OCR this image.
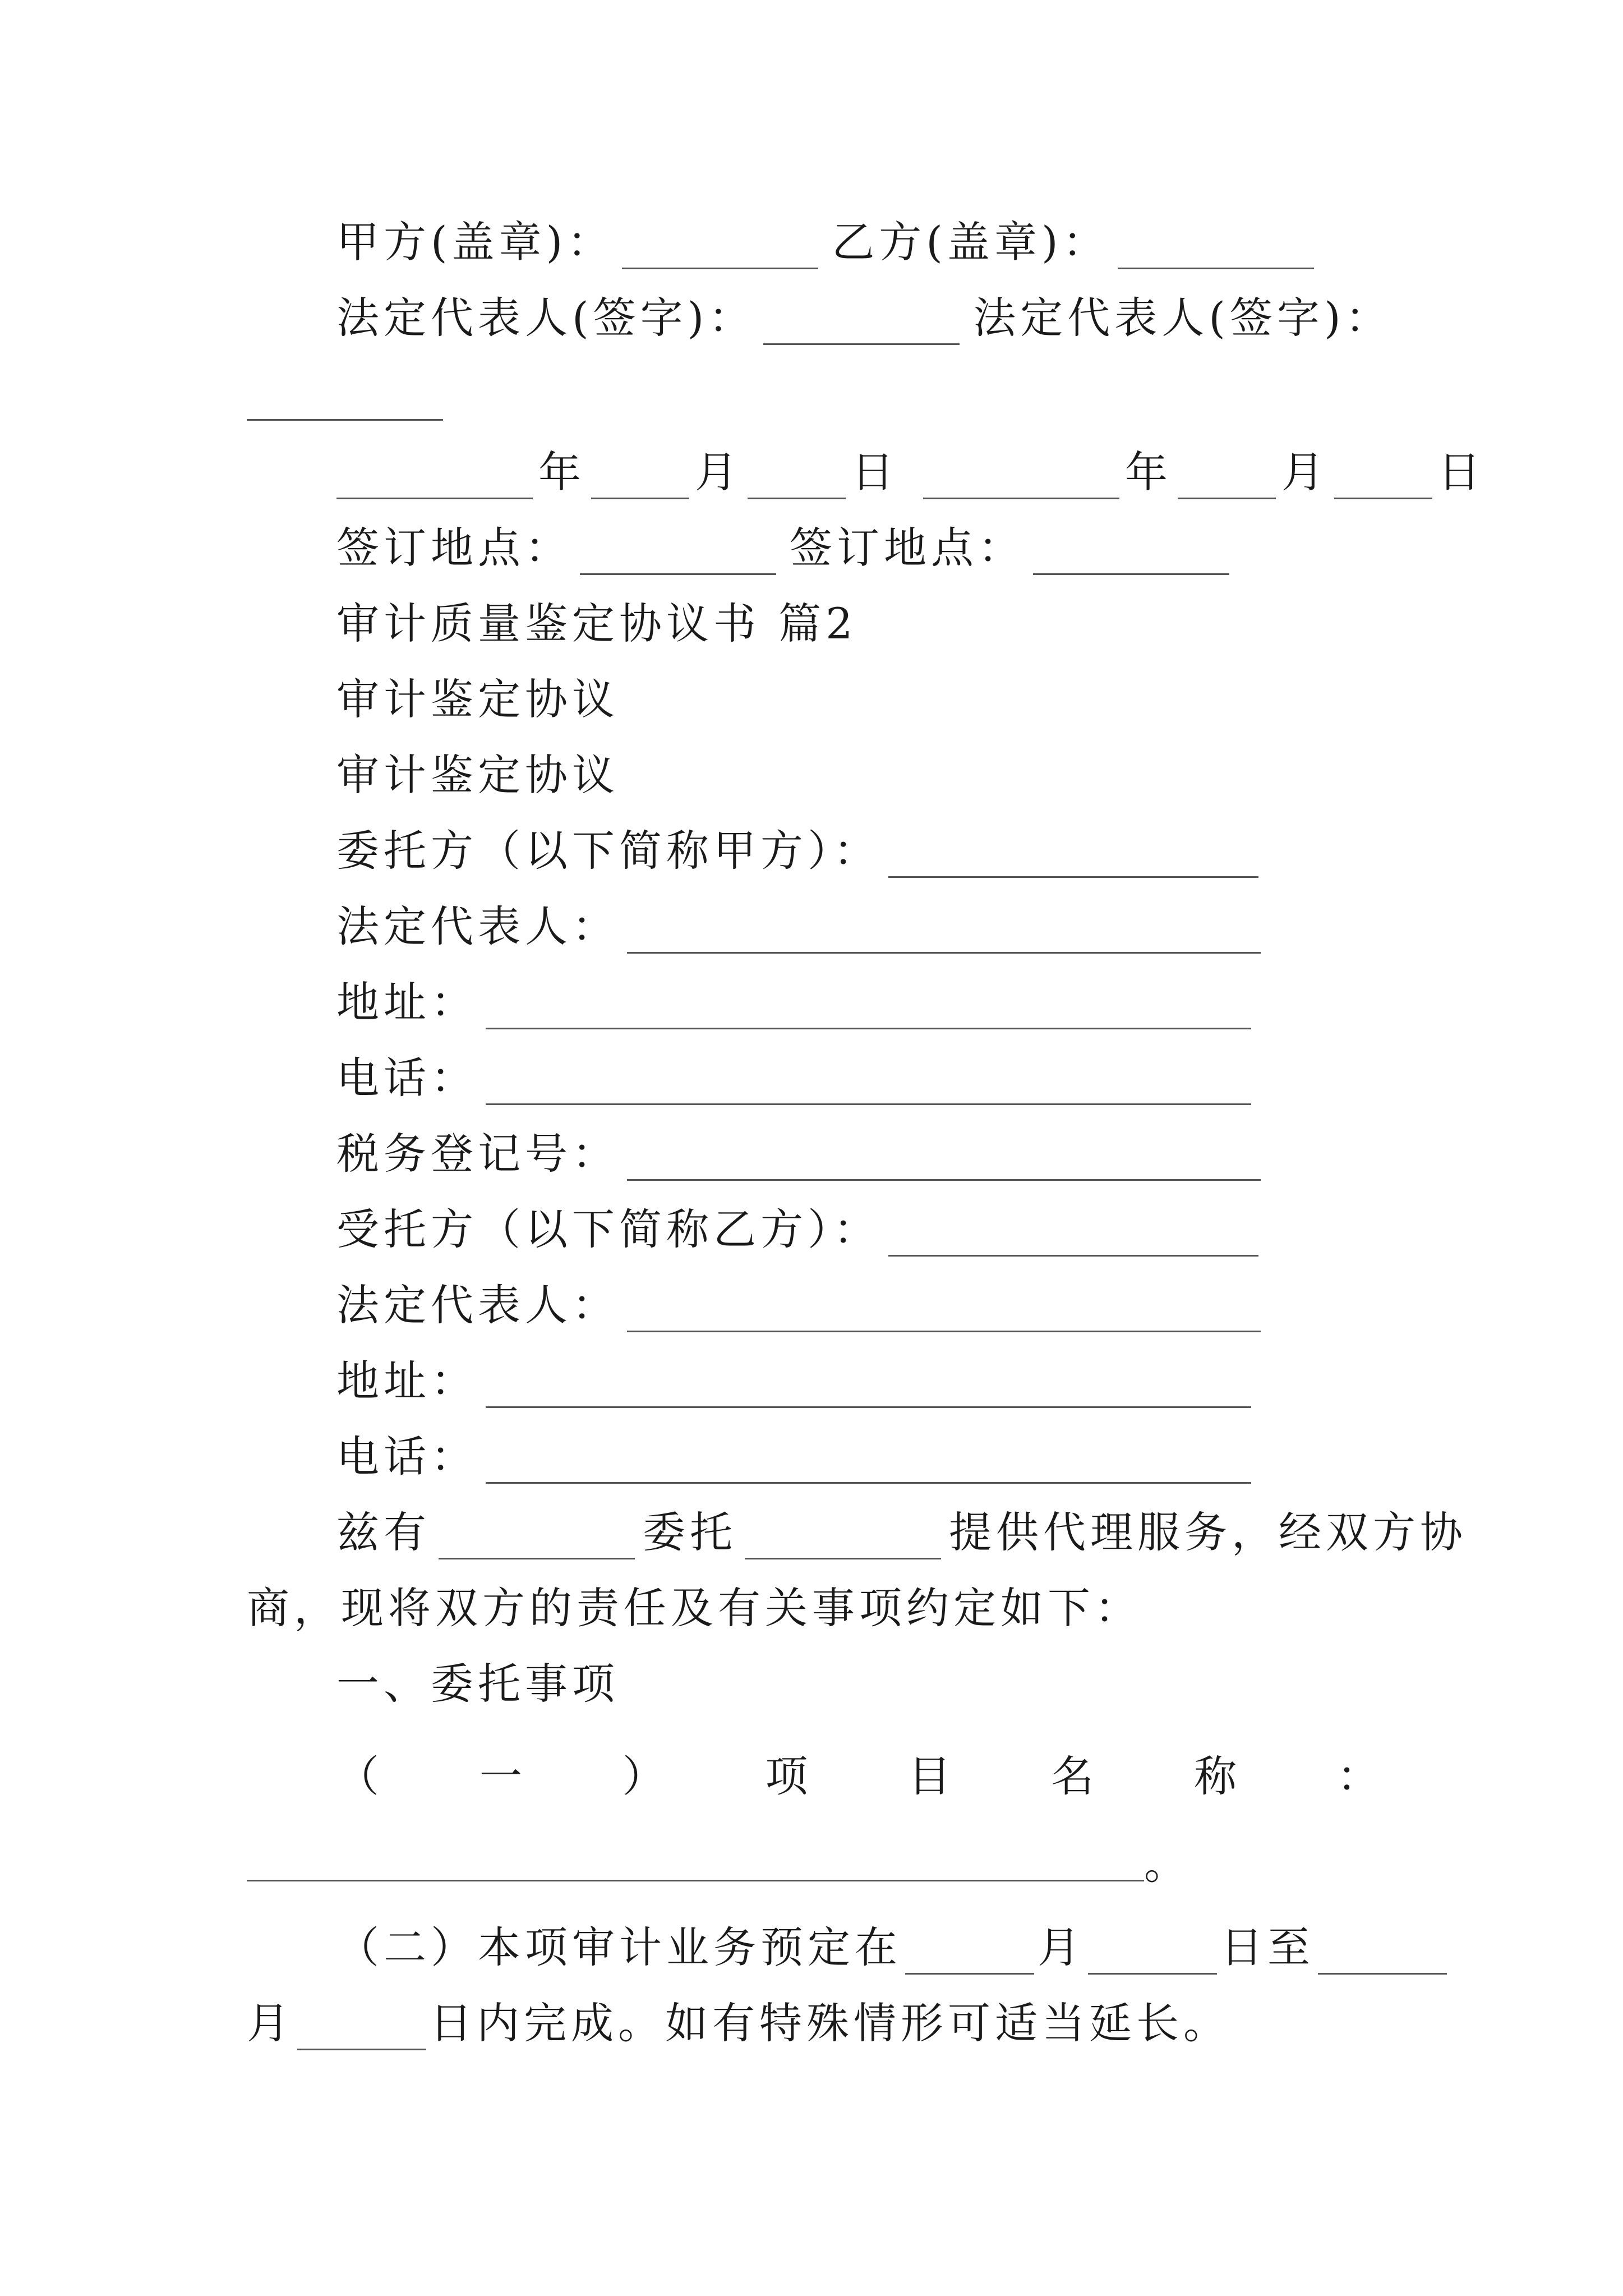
甲方(盖章)：	乙方(盖章)：
法定代表人(签字)：	法定代表人(签字)：
年	月	日	年	月	日
签订地点：	签订地点：
审计质量鉴定协议书 篇2
审计鉴定协议
审计鉴定协议
委托方（以下简称甲方）：
法定代表人：
地址：
电话：
税务登记号：
受托方（以下简称乙方）：
法定代表人：
地址：
电话：
兹有	委托	提供代理服务，经双方协
商，现将双方的责任及有关事项约定如下：
一、委托事项
（ 一 ） 项 目 名 称 ：
。
（二）本项审计业务预定在	月	日至
月	日内完成。如有特殊情形可适当延长。
